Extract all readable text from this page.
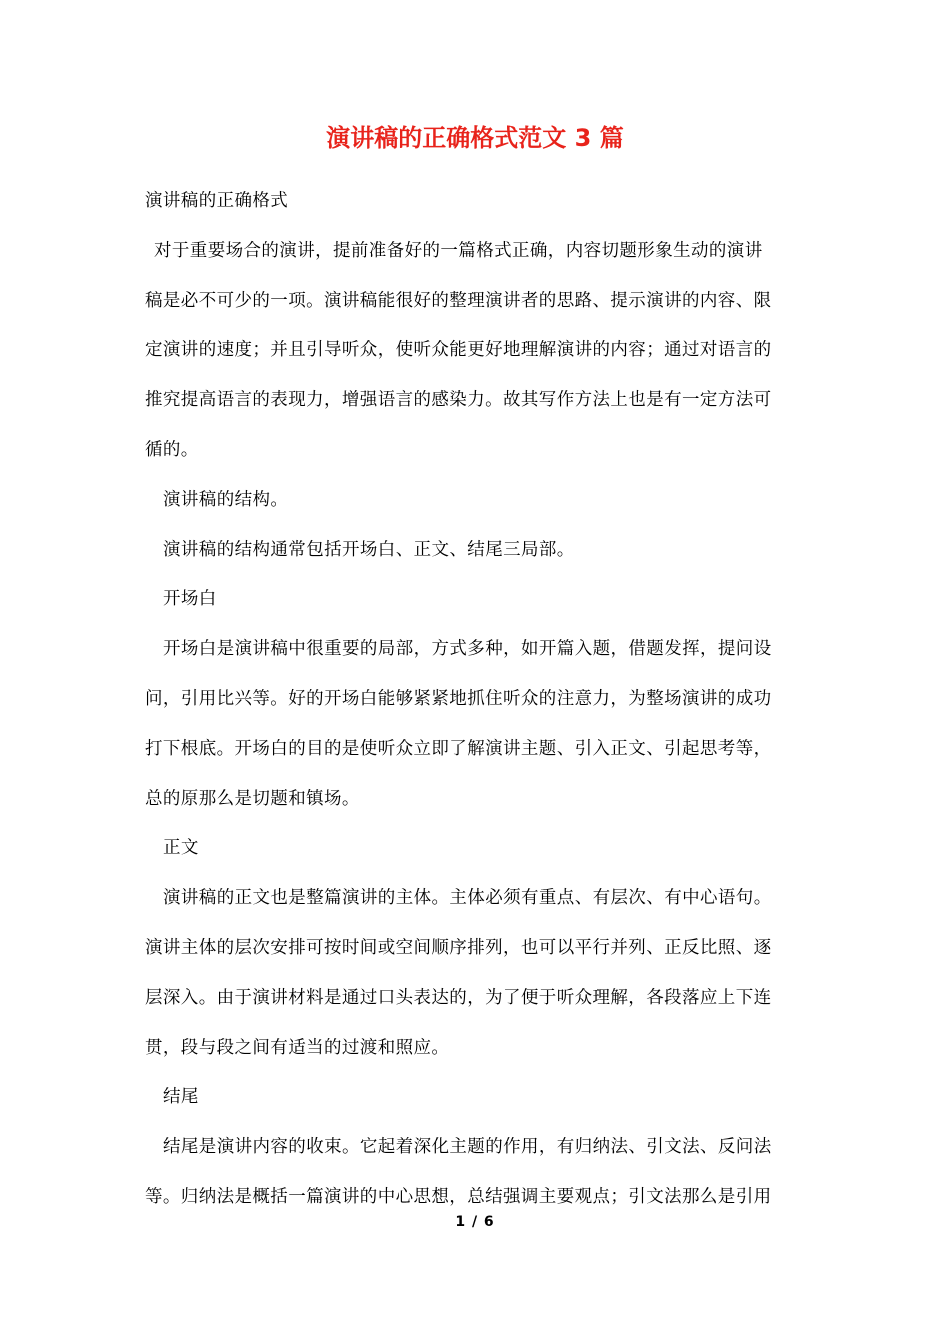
演讲稿的正确格式范文 3 篇

演讲稿的正确格式

对于重要场合的演讲，提前准备好的一篇格式正确，内容切题形象生动的演讲

稿是必不可少的一项。演讲稿能很好的整理演讲者的思路、提示演讲的内容、限

定演讲的速度；并且引导听众，使听众能更好地理解演讲的内容；通过对语言的

推究提高语言的表现力，增强语言的感染力。故其写作方法上也是有一定方法可

循的。

演讲稿的结构。

演讲稿的结构通常包括开场白、正文、结尾三局部。

开场白

开场白是演讲稿中很重要的局部，方式多种，如开篇入题，借题发挥，提问设

问，引用比兴等。好的开场白能够紧紧地抓住听众的注意力，为整场演讲的成功

打下根底。开场白的目的是使听众立即了解演讲主题、引入正文、引起思考等，

总的原那么是切题和镇场。

正文

演讲稿的正文也是整篇演讲的主体。主体必须有重点、有层次、有中心语句。

演讲主体的层次安排可按时间或空间顺序排列，也可以平行并列、正反比照、逐

层深入。由于演讲材料是通过口头表达的，为了便于听众理解，各段落应上下连

贯，段与段之间有适当的过渡和照应。

结尾

结尾是演讲内容的收束。它起着深化主题的作用，有归纳法、引文法、反问法

等。归纳法是概括一篇演讲的中心思想，总结强调主要观点；引文法那么是引用

1 / 6
